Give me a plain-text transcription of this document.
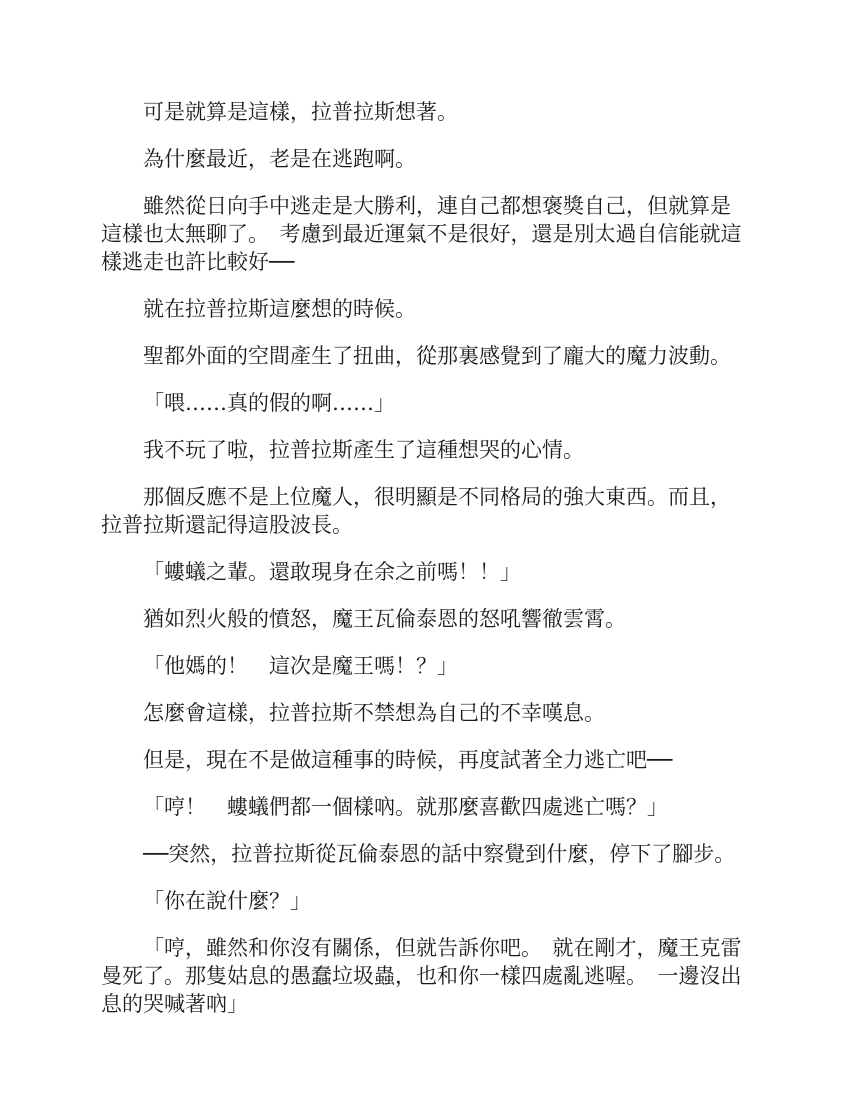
可是就算是這樣，拉普拉斯想著。

為什麼最近，老是在逃跑啊。

雖然從日向手中逃走是大勝利，連自己都想褒獎自己，但就算是這樣也太無聊了。　考慮到最近運氣不是很好，還是別太過自信能就這樣逃走也許比較好──

就在拉普拉斯這麼想的時候。

聖都外面的空間產生了扭曲，從那裏感覺到了龐大的魔力波動。

「喂……真的假的啊……」

我不玩了啦，拉普拉斯產生了這種想哭的心情。

那個反應不是上位魔人，很明顯是不同格局的強大東西。而且，拉普拉斯還記得這股波長。

「螻蟻之輩。還敢現身在余之前嗎！！」

猶如烈火般的憤怒，魔王瓦倫泰恩的怒吼響徹雲霄。

「他媽的！　這次是魔王嗎！？」

怎麼會這樣，拉普拉斯不禁想為自己的不幸嘆息。

但是，現在不是做這種事的時候，再度試著全力逃亡吧──

「哼！　螻蟻們都一個樣吶。就那麼喜歡四處逃亡嗎？」

──突然，拉普拉斯從瓦倫泰恩的話中察覺到什麼，停下了腳步。

「你在說什麼？」

「哼，雖然和你沒有關係，但就告訴你吧。　就在剛才，魔王克雷曼死了。那隻姑息的愚蠢垃圾蟲，也和你一樣四處亂逃喔。　一邊沒出息的哭喊著吶」
